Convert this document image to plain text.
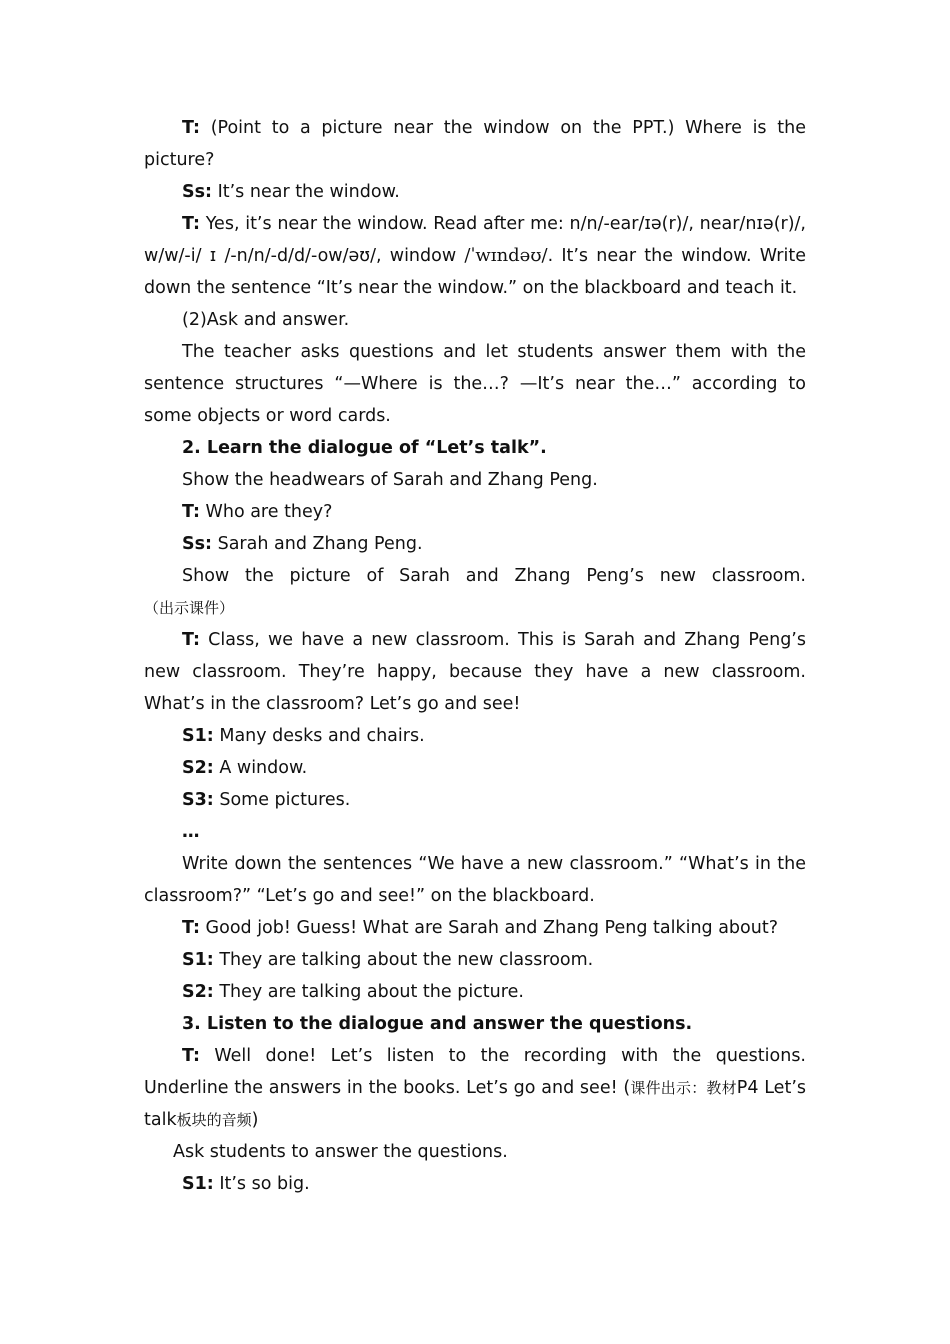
T: (Point to a picture near the window on the PPT.) Where is the picture?

Ss: It’s near the window.

T: Yes, it’s near the window. Read after me: n/n/-ear/ɪə(r)/, near/nɪə(r)/, w/w/-i/ ɪ /-n/n/-d/d/-ow/əʊ/, window /ˈwɪndəʊ/. It’s near the window. Write down the sentence “It’s near the window.” on the blackboard and teach it.

(2)Ask and answer.

The teacher asks questions and let students answer them with the sentence structures “—Where is the…? —It’s near the…” according to some objects or word cards.

2. Learn the dialogue of “Let’s talk”.

Show the headwears of Sarah and Zhang Peng.

T: Who are they?

Ss: Sarah and Zhang Peng.

Show the picture of Sarah and Zhang Peng’s new classroom. （出示课件）

T: Class, we have a new classroom. This is Sarah and Zhang Peng’s new classroom. They’re happy, because they have a new classroom. What’s in the classroom? Let’s go and see!

S1: Many desks and chairs.

S2: A window.

S3: Some pictures.

…

Write down the sentences “We have a new classroom.” “What’s in the classroom?” “Let’s go and see!” on the blackboard.

T: Good job! Guess! What are Sarah and Zhang Peng talking about?

S1: They are talking about the new classroom.

S2: They are talking about the picture.

3. Listen to the dialogue and answer the questions.

T: Well done! Let’s listen to the recording with the questions. Underline the answers in the books. Let’s go and see! (课件出示：教材P4 Let’s talk板块的音频)

Ask students to answer the questions.

S1: It’s so big.
